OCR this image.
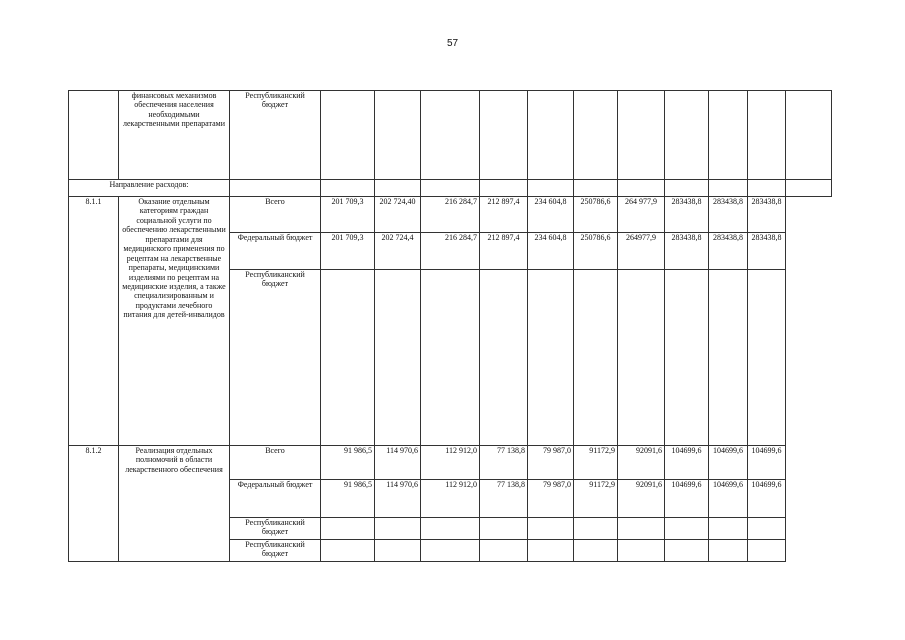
57
	финансовых механизмов обеспечения населения необходимыми лекарственными препаратами	Республиканский бюджет											
Направление расходов:													
8.1.1	Оказание отдельным категориям граждан социальной услуги по обеспечению лекарственными препаратами для медицинского применения по рецептам на лекарственные препараты, медицинскими изделиями по рецептам на медицинские изделия, а также специализированным и продуктами лечебного питания для детей-инвалидов	Всего	201 709,3	202 724,40	216 284,7	212 897,4	234 604,8	250786,6	264 977,9	283438,8	283438,8	283438,8	
		Федеральный бюджет	201 709,3	202 724,4	216 284,7	212 897,4	234 604,8	250786,6	264977,9	283438,8	283438,8	283438,8	
		Республиканский бюджет											
8.1.2	Реализация отдельных полномочий в области лекарственного обеспечения	Всего	91 986,5	114 970,6	112 912,0	77 138,8	79 987,0	91172,9	92091,6	104699,6	104699,6	104699,6	
		Федеральный бюджет	91 986,5	114 970,6	112 912,0	77 138,8	79 987,0	91172,9	92091,6	104699,6	104699,6	104699,6	
		Республиканский бюджет											
		Республиканский бюджет											
